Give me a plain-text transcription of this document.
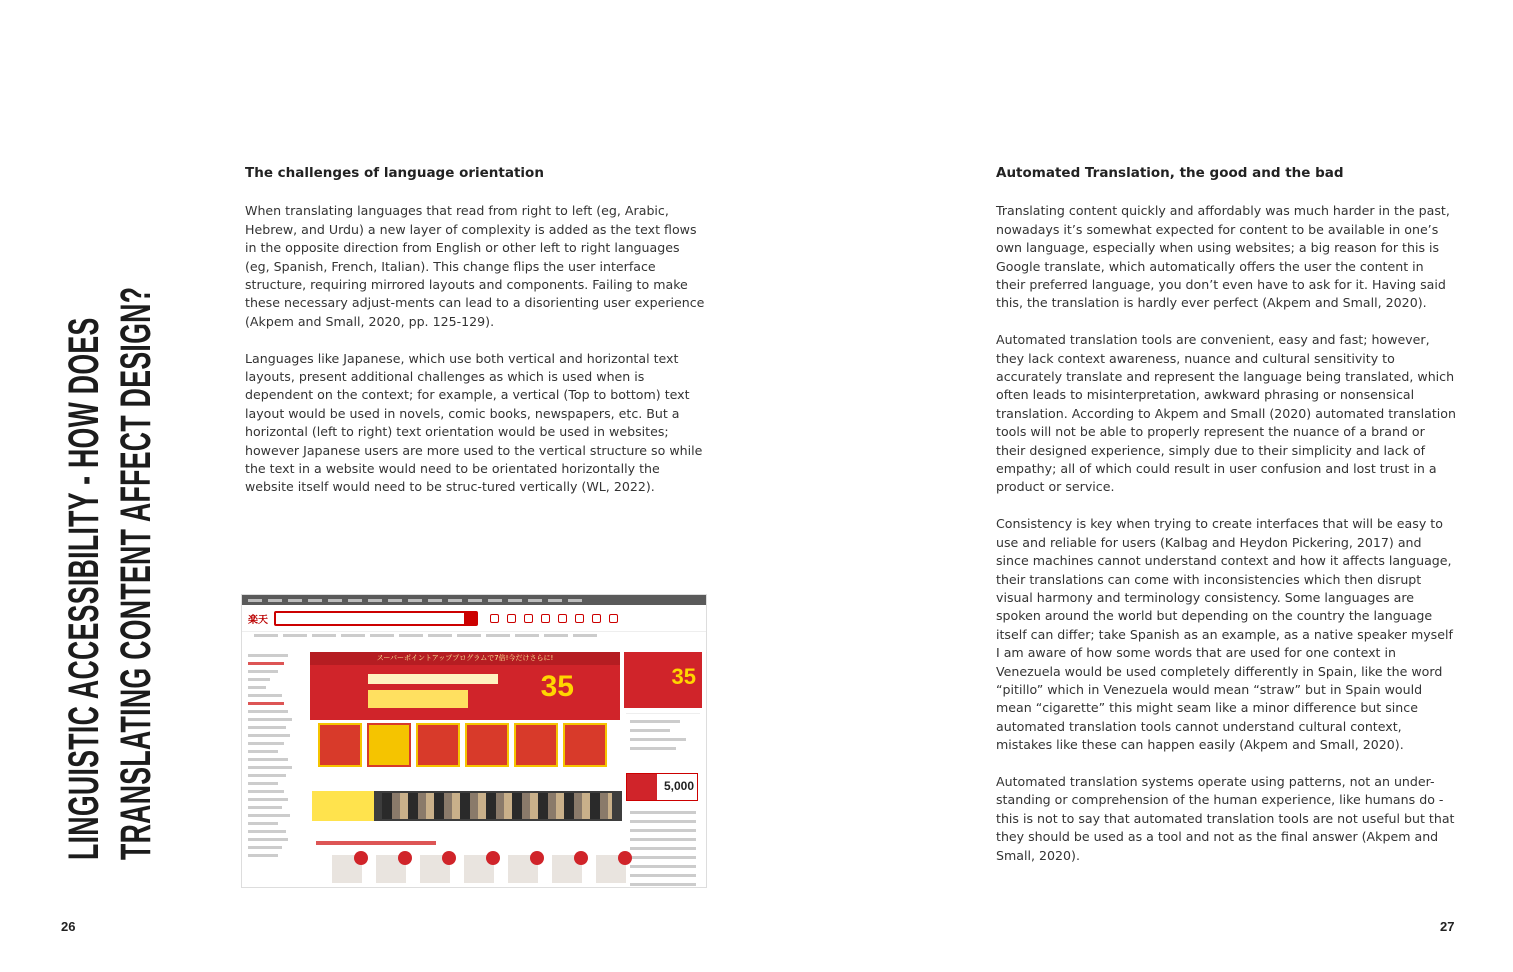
LINGUISTIC ACCESSIBILITY - HOW DOES TRANSLATING CONTENT AFFECT DESIGN?
The challenges of language orientation

When translating languages that read from right to left (eg, Arabic, Hebrew, and Urdu) a new layer of complexity is added as the text flows in the opposite direction from English or other left to right languages (eg, Spanish, French, Italian). This change flips the user interface structure, requiring mirrored layouts and components. Failing to make these necessary adjust-ments can lead to a disorienting user experience (Akpem and Small, 2020, pp. 125-129).

Languages like Japanese, which use both vertical and horizontal text layouts, present additional challenges as which is used when is dependent on the context; for example, a vertical (Top to bottom) text layout would be used in novels, comic books, newspapers, etc. But a horizontal (left to right) text orientation would be used in websites; however Japanese users are more used to the vertical structure so while the text in a website would need to be orientated horizontally the website itself would need to be struc-tured vertically (WL, 2022).

楽天
スーパーポイントアッププログラムで7倍!今だけさらに!
35	35
5,000
Automated Translation, the good and the bad

Translating content quickly and affordably was much harder in the past, nowadays it’s somewhat expected for content to be available in one’s own language, especially when using websites; a big reason for this is Google translate, which automatically offers the user the content in their preferred language, you don’t even have to ask for it. Having said this, the translation is hardly ever perfect (Akpem and Small, 2020).

Automated translation tools are convenient, easy and fast; however, they lack context awareness, nuance and cultural sensitivity to accurately translate and represent the language being translated, which often leads to misinterpretation, awkward phrasing or nonsensical translation. According to Akpem and Small (2020) automated translation tools will not be able to properly represent the nuance of a brand or their designed experience, simply due to their simplicity and lack of empathy; all of which could result in user confusion and lost trust in a product or service.

Consistency is key when trying to create interfaces that will be easy to use and reliable for users (Kalbag and Heydon Pickering, 2017) and since machines cannot understand context and how it affects language, their translations can come with inconsistencies which then disrupt visual harmony and terminology consistency. Some languages are spoken around the world but depending on the country the language itself can differ; take Spanish as an example, as a native speaker myself I am aware of how some words that are used for one context in Venezuela would be used completely differently in Spain, like the word “pitillo” which in Venezuela would mean “straw” but in Spain would mean “cigarette” this might seam like a minor difference but since automated translation tools cannot understand cultural context, mistakes like these can happen easily (Akpem and Small, 2020).

Automated translation systems operate using patterns, not an under-standing or comprehension of the human experience, like humans do - this is not to say that automated translation tools are not useful but that they should be used as a tool and not as the final answer (Akpem and Small, 2020).

26	27
